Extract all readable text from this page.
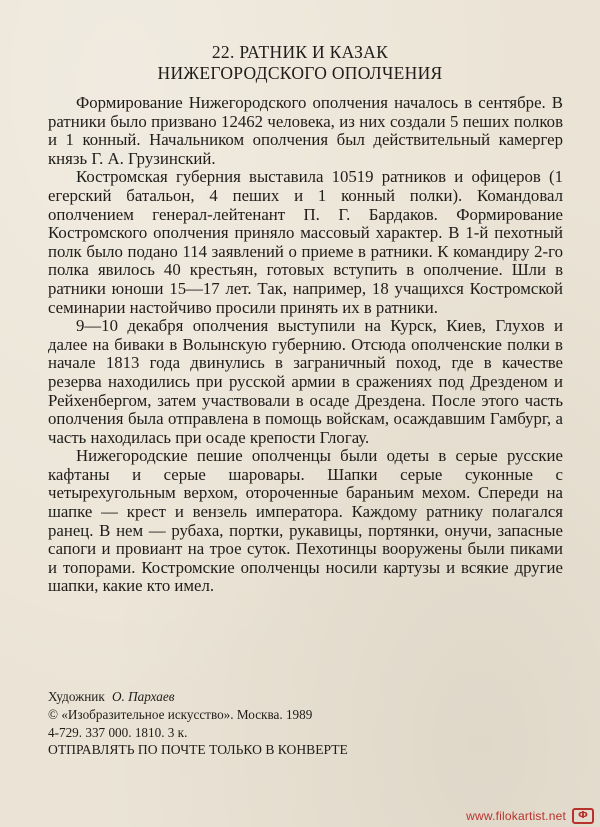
22. РАТНИК И КАЗАК
НИЖЕГОРОДСКОГО ОПОЛЧЕНИЯ

Формирование Нижегородского ополчения началось в сентябре. В ратники было призвано 12462 человека, из них создали 5 пеших полков и 1 конный. Начальником ополчения был действительный камергер князь Г. А. Грузинский.

Костромская губерния выставила 10519 ратников и офицеров (1 егерский батальон, 4 пеших и 1 конный полки). Командовал ополчением генерал-лейтенант П. Г. Бардаков. Формирование Костромского ополчения приняло массовый характер. В 1-й пехотный полк было подано 114 заявлений о приеме в ратники. К командиру 2-го полка явилось 40 крестьян, готовых вступить в ополчение. Шли в ратники юноши 15—17 лет. Так, например, 18 учащихся Костромской семинарии настойчиво просили принять их в ратники.

9—10 декабря ополчения выступили на Курск, Киев, Глухов и далее на биваки в Волынскую губернию. Отсюда ополченские полки в начале 1813 года двинулись в заграничный поход, где в качестве резерва находились при русской армии в сражениях под Дрезденом и Рейхенбергом, затем участвовали в осаде Дрездена. После этого часть ополчения была отправлена в помощь войскам, осаждавшим Гамбург, а часть находилась при осаде крепости Глогау.

Нижегородские пешие ополченцы были одеты в серые русские кафтаны и серые шаровары. Шапки серые суконные с четырехугольным верхом, отороченные бараньим мехом. Спереди на шапке — крест и вензель императора. Каждому ратнику полагался ранец. В нем — рубаха, портки, рукавицы, портянки, онучи, запасные сапоги и провиант на трое суток. Пехотинцы вооружены были пиками и топорами. Костромские ополченцы носили картузы и всякие другие шапки, какие кто имел.

Художник О. Пархаев
© «Изобразительное искусство». Москва. 1989
4-729. 337 000. 1810. 3 к.
ОТПРАВЛЯТЬ ПО ПОЧТЕ ТОЛЬКО В КОНВЕРТЕ
www.filokartist.net	Ф
